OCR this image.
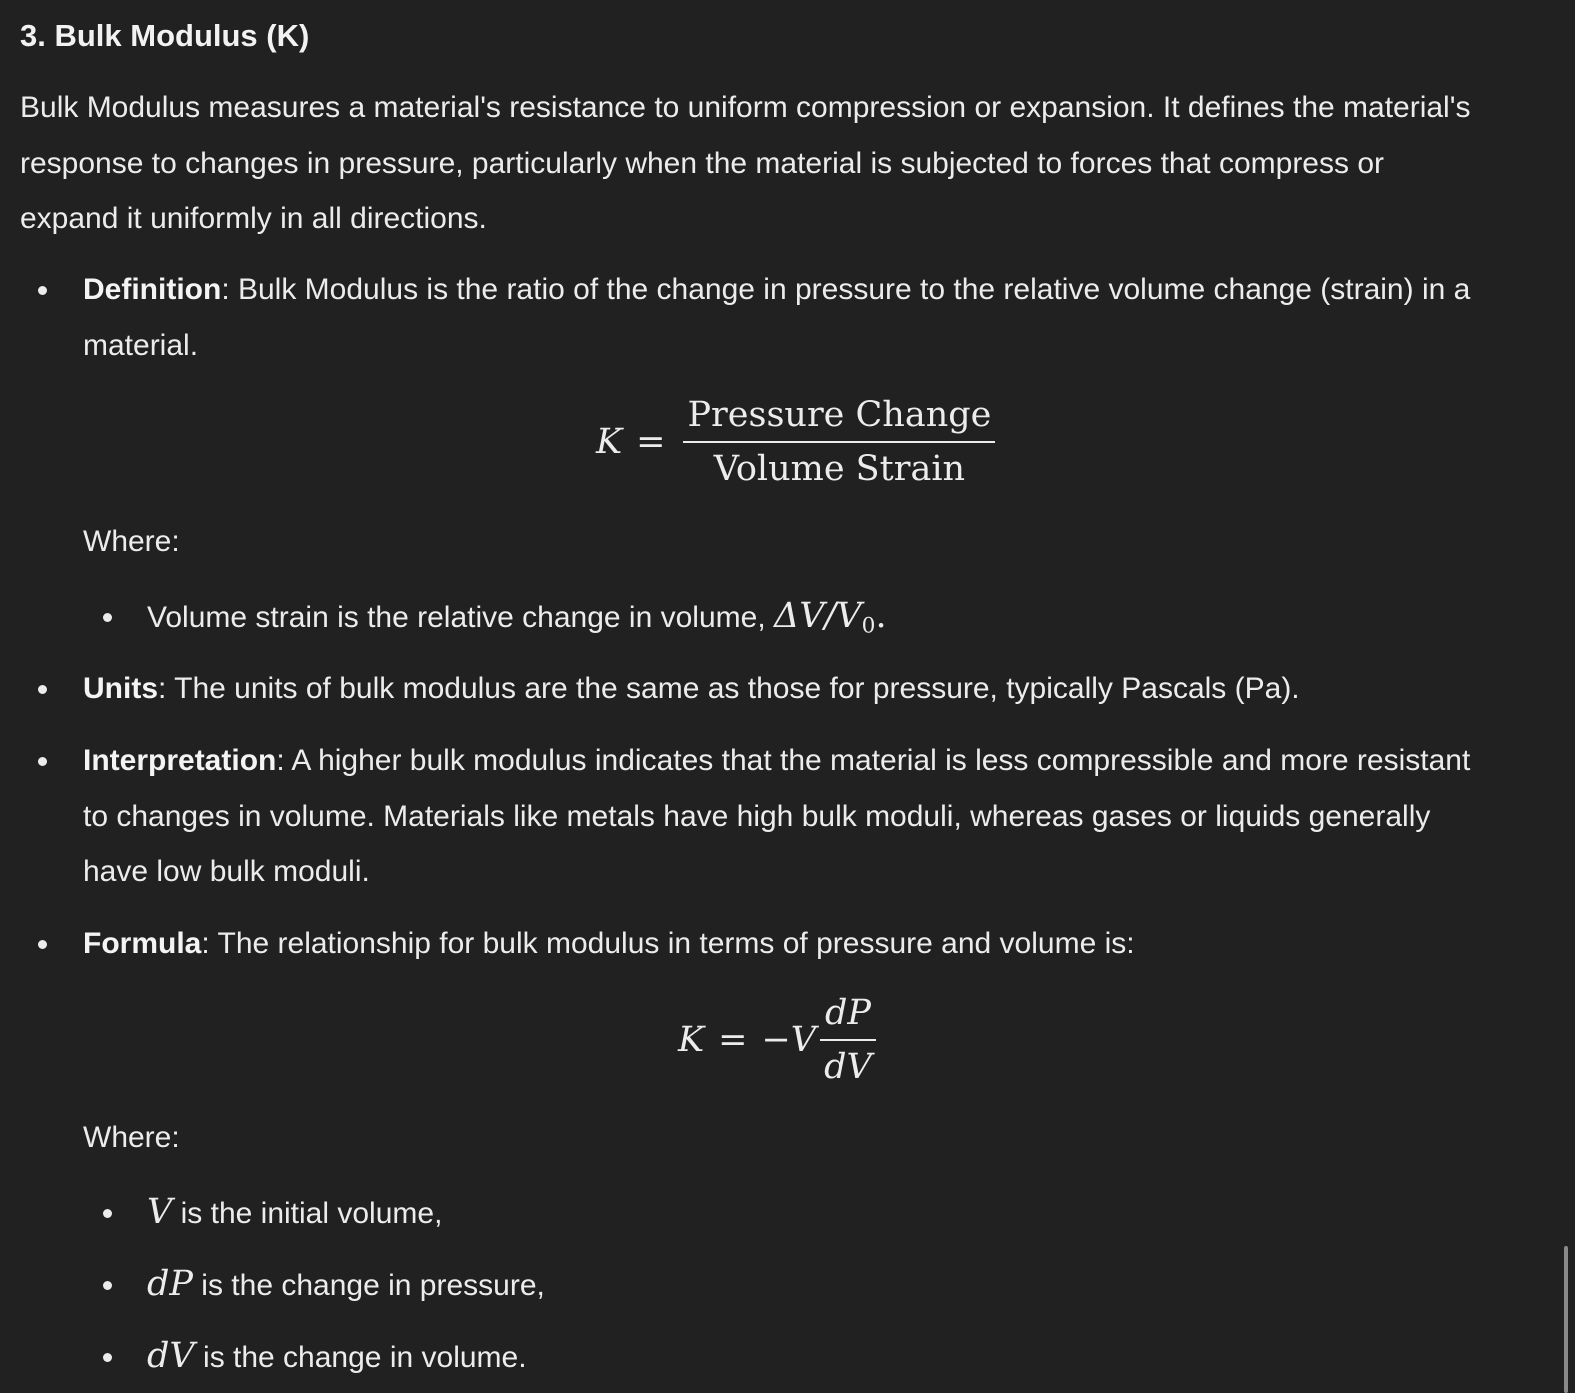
3. Bulk Modulus (K)

Bulk Modulus measures a material's resistance to uniform compression or expansion. It defines the material's response to changes in pressure, particularly when the material is subjected to forces that compress or expand it uniformly in all directions.

Definition: Bulk Modulus is the ratio of the change in pressure to the relative volume change (strain) in a material.

$K = \frac{\text{Pressure Change}}{\text{Volume Strain}}$
Where:
Volume strain is the relative change in volume, $\Delta V/V_0$.

Units: The units of bulk modulus are the same as those for pressure, typically Pascals (Pa).

Interpretation: A higher bulk modulus indicates that the material is less compressible and more resistant to changes in volume. Materials like metals have high bulk moduli, whereas gases or liquids generally have low bulk moduli.

Formula: The relationship for bulk modulus in terms of pressure and volume is:

$K = -V \frac{dP}{dV}$
Where:
V is the initial volume,
dP is the change in pressure,
dV is the change in volume.
